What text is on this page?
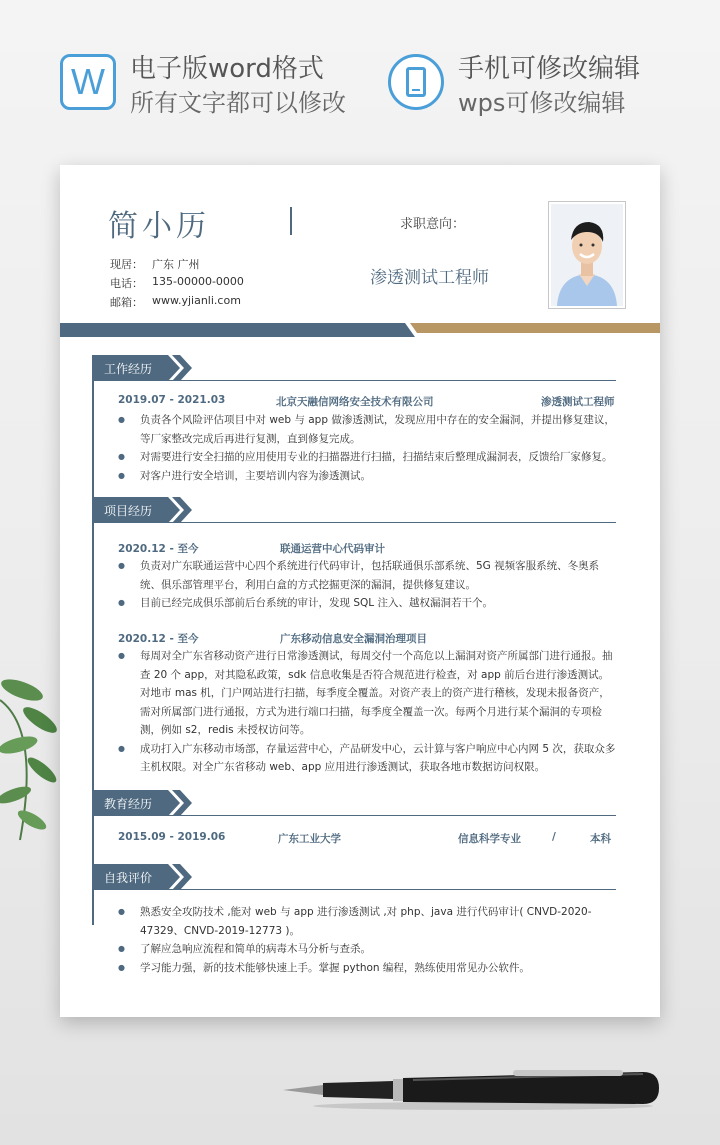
W 电子版word格式
所有文字都可以修改
手机可修改编辑
wps可修改编辑
简小历	求职意向：
渗透测试工程师
现居： 广东 广州
电话： 135-00000-0000
邮箱： www.yjianli.com
工作经历
2019.07 - 2021.03	北京天融信网络安全技术有限公司	渗透测试工程师
● 负责各个风险评估项目中对 web 与 app 做渗透测试，发现应用中存在的安全漏洞，并提出修复建议，等厂家整改完成后再进行复测，直到修复完成。
● 对需要进行安全扫描的应用使用专业的扫描器进行扫描，扫描结束后整理成漏洞表，反馈给厂家修复。
● 对客户进行安全培训，主要培训内容为渗透测试。
项目经历
2020.12 - 至今	联通运营中心代码审计
● 负责对广东联通运营中心四个系统进行代码审计，包括联通俱乐部系统、5G 视频客服系统、冬奥系统、俱乐部管理平台，利用白盒的方式挖掘更深的漏洞，提供修复建议。
● 目前已经完成俱乐部前后台系统的审计，发现 SQL 注入、越权漏洞若干个。
2020.12 - 至今	广东移动信息安全漏洞治理项目
● 每周对全广东省移动资产进行日常渗透测试，每周交付一个高危以上漏洞对资产所属部门进行通报。抽查 20 个 app，对其隐私政策，sdk 信息收集是否符合规范进行检查，对 app 前后台进行渗透测试。对地市 mas 机，门户网站进行扫描，每季度全覆盖。对资产表上的资产进行稽核，发现未报备资产，需对所属部门进行通报，方式为进行端口扫描，每季度全覆盖一次。每两个月进行某个漏洞的专项检测，例如 s2，redis 未授权访问等。
● 成功打入广东移动市场部，存量运营中心，产品研发中心，云计算与客户响应中心内网 5 次，获取众多主机权限。对全广东省移动 web、app 应用进行渗透测试，获取各地市数据访问权限。
教育经历
2015.09 - 2019.06	广东工业大学	信息科学专业	/	本科
自我评价
● 熟悉安全攻防技术 ,能对 web 与 app 进行渗透测试 ,对 php、java 进行代码审计( CNVD-2020-47329、CNVD-2019-12773 )。
● 了解应急响应流程和简单的病毒木马分析与查杀。
● 学习能力强，新的技术能够快速上手。掌握 python 编程，熟练使用常见办公软件。
